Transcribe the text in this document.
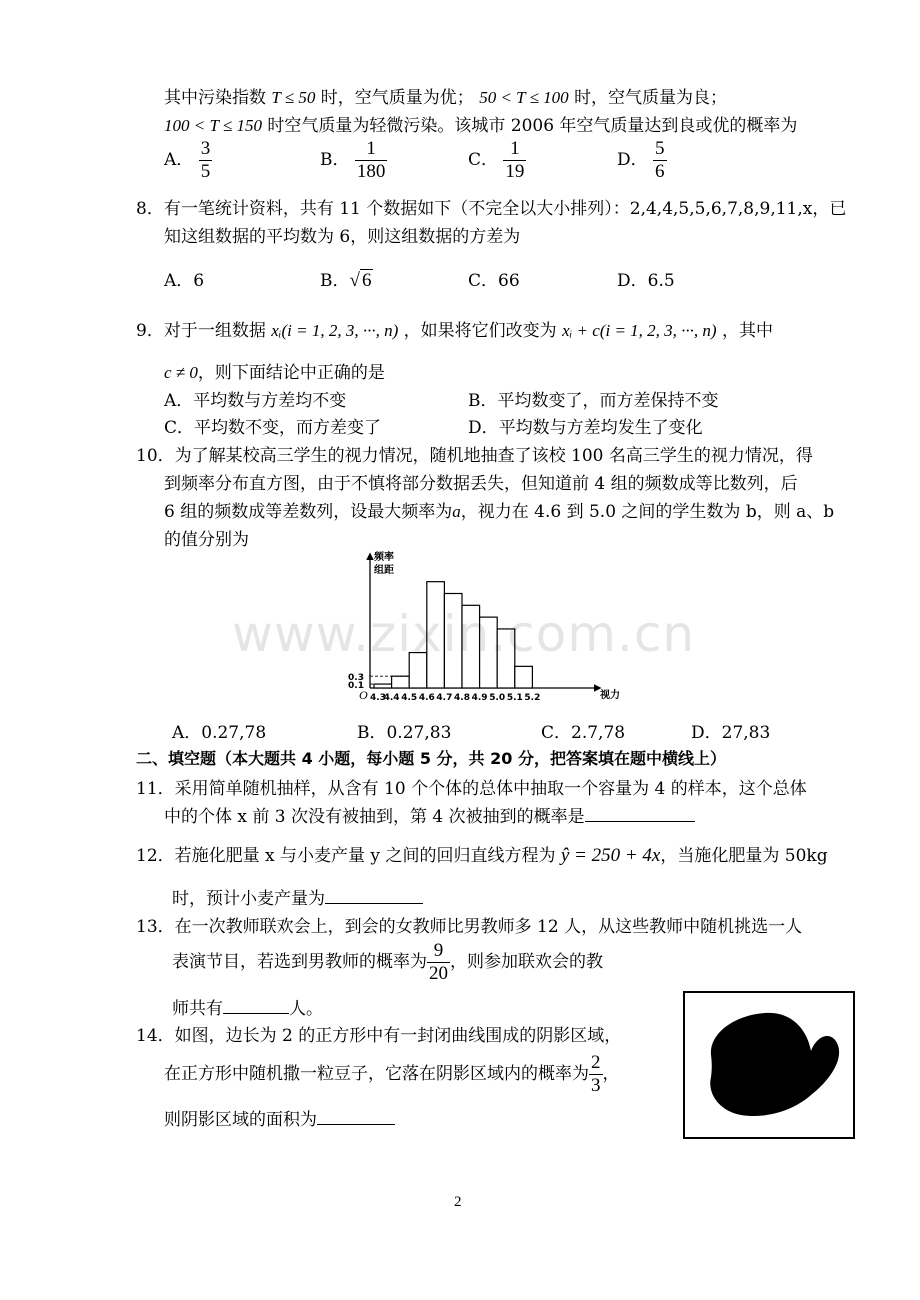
其中污染指数 T ≤ 50 时，空气质量为优； 50 < T ≤ 100 时，空气质量为良；
100 < T ≤ 150 时空气质量为轻微污染。该城市 2006 年空气质量达到良或优的概率为
A． $\frac{3}{5}$	B． $\frac{1}{180}$	C． $\frac{1}{19}$	D． $\frac{5}{6}$
8．有一笔统计资料，共有 11 个数据如下（不完全以大小排列）：2,4,4,5,5,6,7,8,9,11,x，已
知这组数据的平均数为 6，则这组数据的方差为
A．6	B．√ 6	C．66	D．6.5
9．对于一组数据 xᵢ(i = 1, 2, 3, ···, n) ，如果将它们改变为 xᵢ + c(i = 1, 2, 3, ···, n) ，其中
c ≠ 0，则下面结论中正确的是
A．平均数与方差均不变	B．平均数变了，而方差保持不变
C．平均数不变，而方差变了	D．平均数与方差均发生了变化
10．为了解某校高三学生的视力情况，随机地抽查了该校 100 名高三学生的视力情况，得
到频率分布直方图，由于不慎将部分数据丢失，但知道前 4 组的频数成等比数列，后
6 组的频数成等差数列，设最大频率为a，视力在 4.6 到 5.0 之间的学生数为 b，则 a、b
的值分别为
频率
组距
视力
O 4.3
4.4 4.5 4.6 4.7 4.8 4.9 5.0 5.1 5.2
0.1
0.3
A．0.27,78	B．0.27,83	C．2.7,78	D．27,83
二、填空题（本大题共 4 小题，每小题 5 分，共 20 分，把答案填在题中横线上）
11．采用简单随机抽样，从含有 10 个个体的总体中抽取一个容量为 4 的样本，这个总体
中的个体 x 前 3 次没有被抽到，第 4 次被抽到的概率是
12．若施化肥量 x 与小麦产量 y 之间的回归直线方程为 ŷ = 250 + 4x，当施化肥量为 50kg
时，预计小麦产量为
13．在一次教师联欢会上，到会的女教师比男教师多 12 人，从这些教师中随机挑选一人
表演节目，若选到男教师的概率为 $\frac{9}{20}$ ，则参加联欢会的教
师共有	人。
14．如图，边长为 2 的正方形中有一封闭曲线围成的阴影区域，
在正方形中随机撒一粒豆子，它落在阴影区域内的概率为 $\frac{2}{3}$ ，
则阴影区域的面积为
www.zixin.com.cn
2
